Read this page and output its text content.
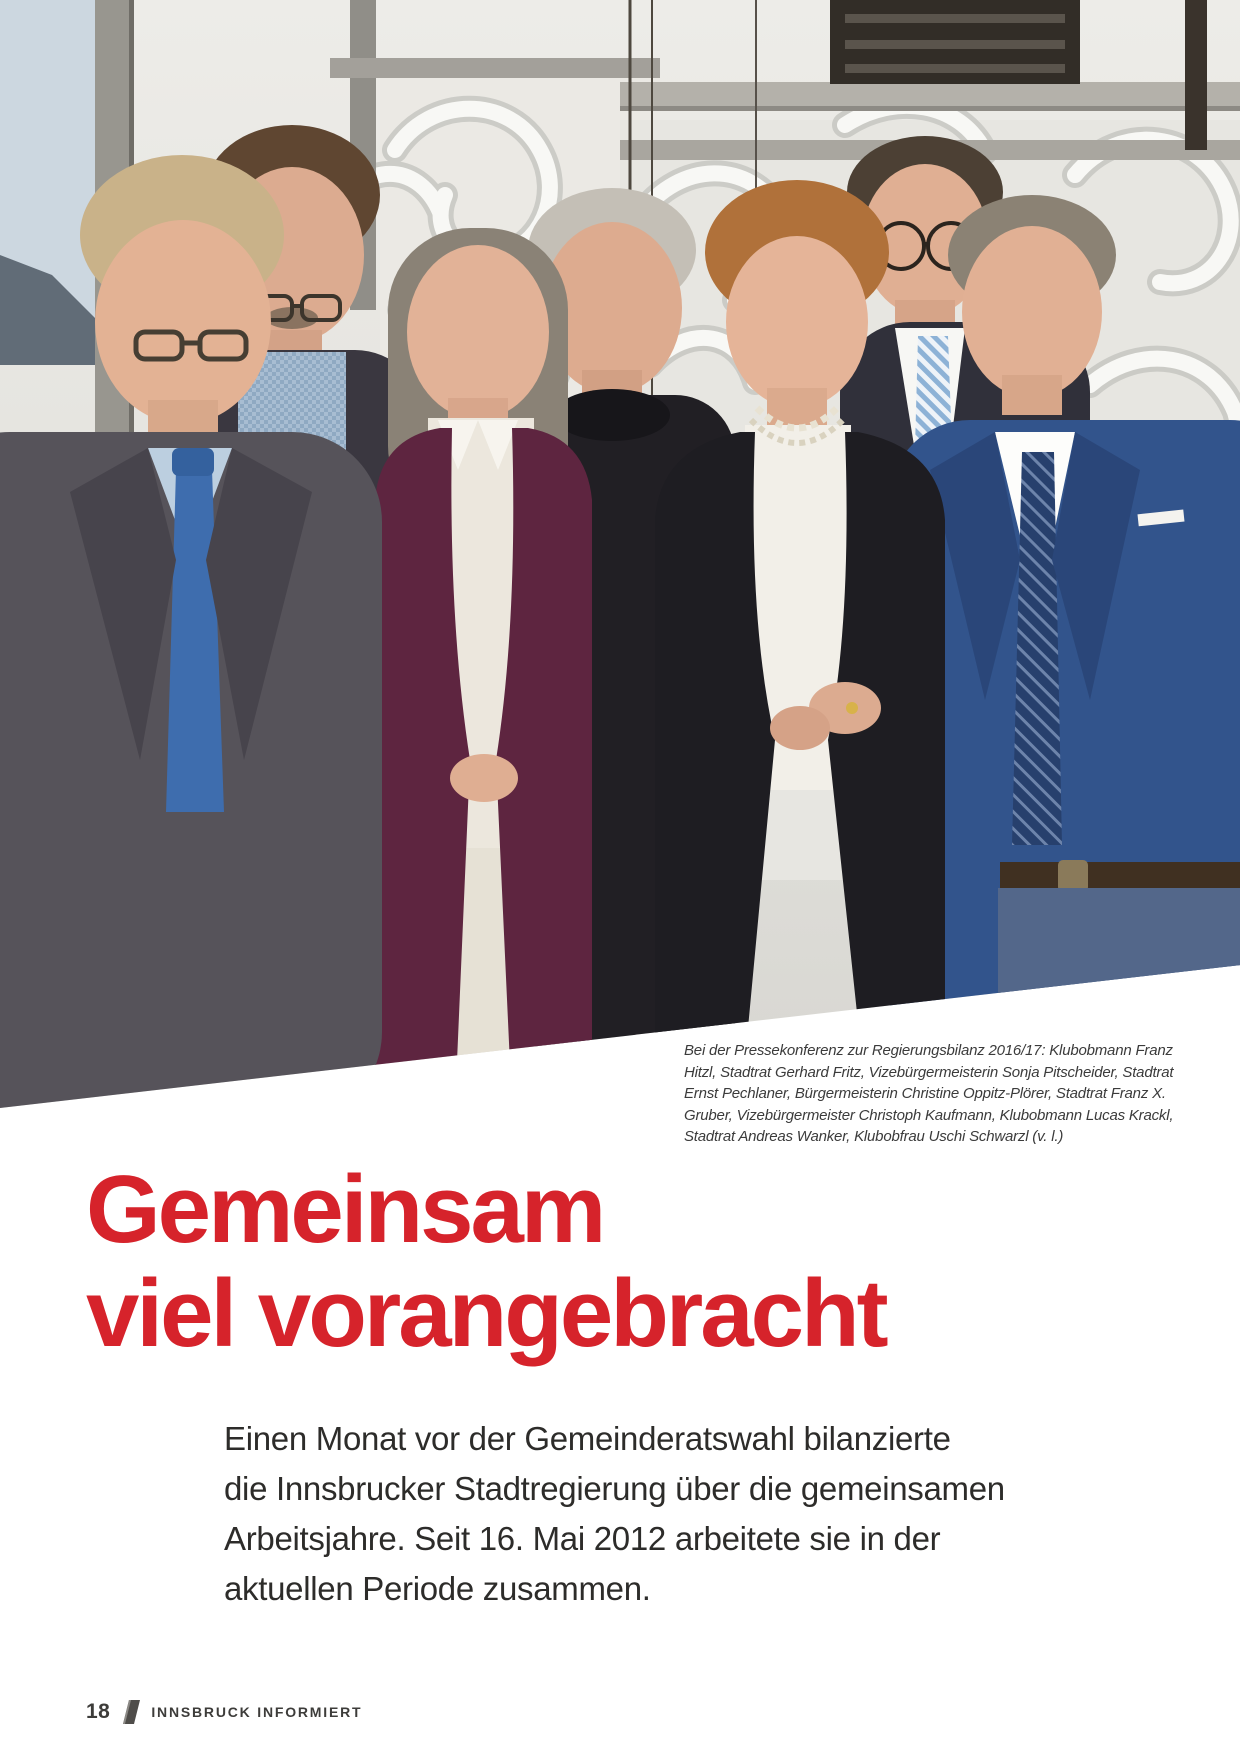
Bei der Pressekonferenz zur Regierungsbilanz 2016/17: Klubobmann Franz
Hitzl, Stadtrat Gerhard Fritz, Vizebürgermeisterin Sonja Pitscheider, Stadtrat
Ernst Pechlaner, Bürgermeisterin Christine Oppitz-Plörer, Stadtrat Franz X.
Gruber, Vizebürgermeister Christoph Kaufmann, Klubobmann Lucas Krackl,
Stadtrat Andreas Wanker, Klubobfrau Uschi Schwarzl (v. l.)
Gemeinsam
viel vorangebracht
Einen Monat vor der Gemeinderatswahl bilanzierte
die Innsbrucker Stadtregierung über die gemeinsamen
Arbeitsjahre. Seit 16. Mai 2012 arbeitete sie in der
aktuellen Periode zusammen.
18	INNSBRUCK INFORMIERT
